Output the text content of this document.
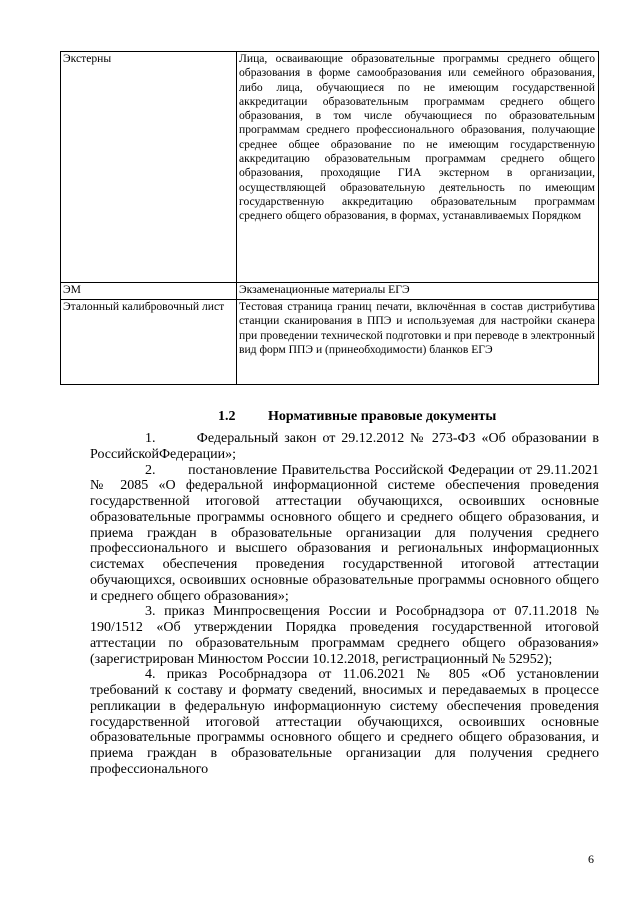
Экстерны	Лица, осваивающие образовательные программы среднего общего образования в форме самообразования или семейного образования, либо лица, обучающиеся по не имеющим государственной аккредитации образовательным программам среднего общего образования, в том числе обучающиеся по образовательным программам среднего профессионального образования, получающие среднее общее образование по не имеющим государственную аккредитацию образовательным программам среднего общего образования, проходящие ГИА экстерном в организации, осуществляющей образовательную деятельность по имеющим государственную аккредитацию образовательным программам среднего общего образования, в формах, устанавливаемых Порядком
ЭМ	Экзаменационные материалы ЕГЭ
Эталонный калибровочный лист	Тестовая страница границ печати, включённая в состав дистрибутива станции сканирования в ППЭ и используемая для настройки сканера при проведении технической подготовки и при переводе в электронный вид форм ППЭ и (принеобходимости) бланков ЕГЭ
1.2 Нормативные правовые документы

1.       Федеральный закон от 29.12.2012 № 273-ФЗ «Об образовании в РоссийскойФедерации»;

2.       постановление Правительства Российской Федерации от 29.11.2021 № 2085 «О федеральной информационной системе обеспечения проведения государственной итоговой аттестации обучающихся, освоивших основные образовательные программы основного общего и среднего общего образования, и приема граждан в образовательные организации для получения среднего профессионального и высшего образования и региональных информационных системах обеспечения проведения государственной итоговой аттестации обучающихся, освоивших основные образовательные программы основного общего и среднего общего образования»;

3. приказ Минпросвещения России и Рособрнадзора от 07.11.2018 № 190/1512 «Об утверждении Порядка проведения государственной итоговой аттестации по образовательным программам среднего общего образования» (зарегистрирован Минюстом России 10.12.2018, регистрационный № 52952);

4. приказ Рособрнадзора от 11.06.2021 № 805 «Об установлении требований к составу и формату сведений, вносимых и передаваемых в процессе репликации в федеральную информационную систему обеспечения проведения государственной итоговой аттестации обучающихся, освоивших основные образовательные программы основного общего и среднего общего образования, и приема граждан в образовательные организации для получения среднего профессионального

6
